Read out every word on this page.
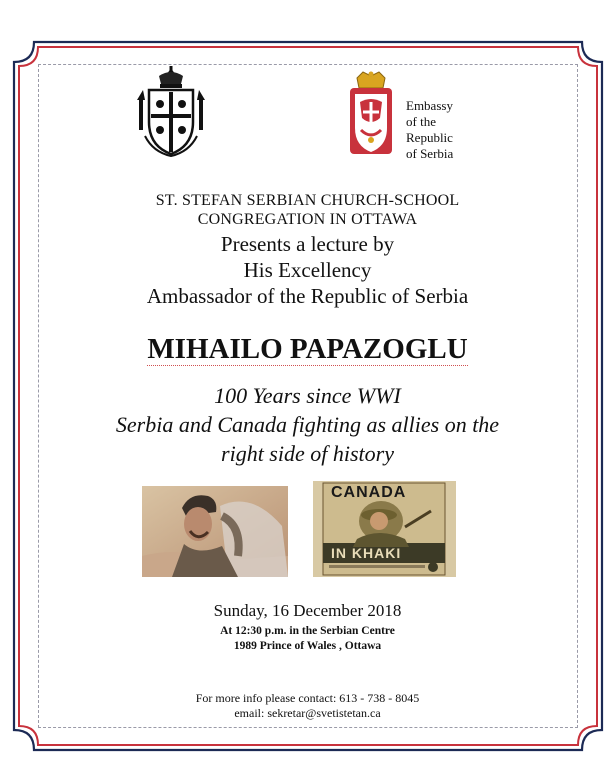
Embassy
of the
Republic
of Serbia
ST. STEFAN SERBIAN CHURCH-SCHOOL
CONGREGATION IN OTTAWA
Presents a lecture by
His Excellency
Ambassador of the Republic of Serbia
MIHAILO PAPAZOGLU
100 Years since WWI
Serbia and Canada fighting as allies on the
right side of history
CANADA
IN KHAKI
Sunday, 16 December 2018
At 12:30 p.m. in the Serbian Centre
1989 Prince of Wales , Ottawa
For more info please contact: 613 - 738 - 8045
email: sekretar@svetistetan.ca
